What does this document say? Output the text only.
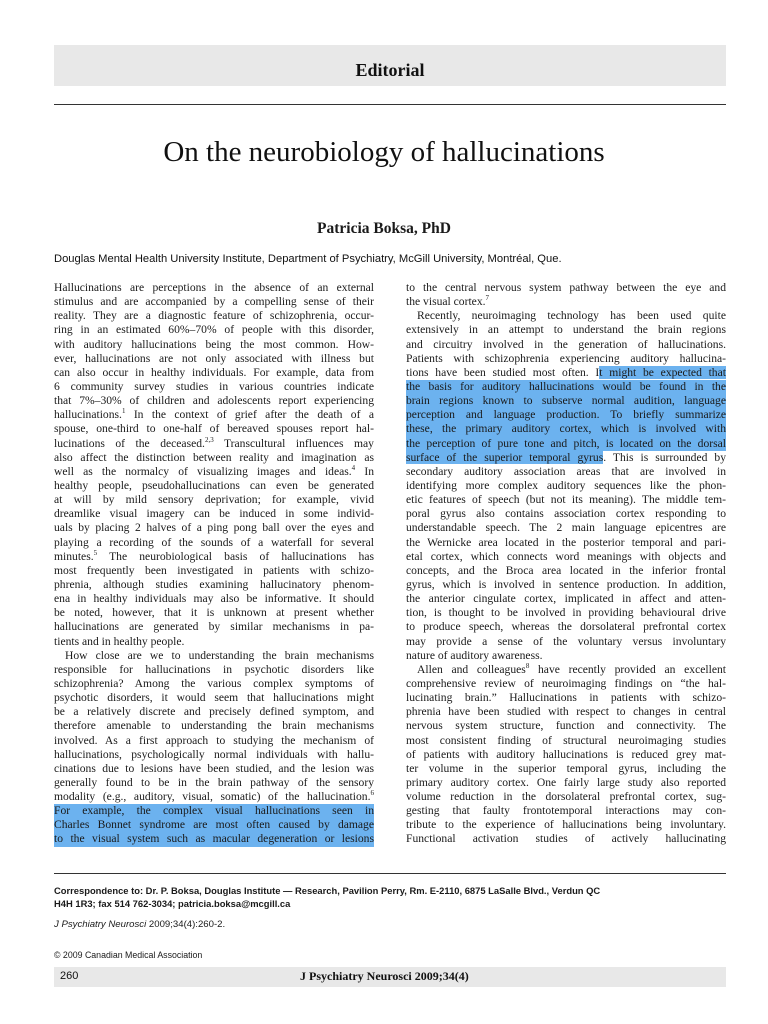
Editorial
On the neurobiology of hallucinations
Patricia Boksa, PhD
Douglas Mental Health University Institute, Department of Psychiatry, McGill University, Montréal, Que.
Hallucinations are perceptions in the absence of an external
stimulus and are accompanied by a compelling sense of their
reality. They are a diagnostic feature of schizophrenia, occur-
ring in an estimated 60%–70% of people with this disorder,
with auditory hallucinations being the most common. How-
ever, hallucinations are not only associated with illness but
can also occur in healthy individuals. For example, data from
6 community survey studies in various countries indicate
that 7%–30% of children and adolescents report experiencing
hallucinations.$^1$ In the context of grief after the death of a
spouse, one-third to one-half of bereaved spouses report hal-
lucinations of the deceased.$^{2,3}$ Transcultural influences may
also affect the distinction between reality and imagination as
well as the normalcy of visualizing images and ideas.$^4$ In
healthy people, pseudohallucinations can even be generated
at will by mild sensory deprivation; for example, vivid
dreamlike visual imagery can be induced in some individ-
uals by placing 2 halves of a ping pong ball over the eyes and
playing a recording of the sounds of a waterfall for several
minutes.$^5$ The neurobiological basis of hallucinations has
most frequently been investigated in patients with schizo-
phrenia, although studies examining hallucinatory phenom-
ena in healthy individuals may also be informative. It should
be noted, however, that it is unknown at present whether
hallucinations are generated by similar mechanisms in pa-
tients and in healthy people.
How close are we to understanding the brain mechanisms
responsible for hallucinations in psychotic disorders like
schizophrenia? Among the various complex symptoms of
psychotic disorders, it would seem that hallucinations might
be a relatively discrete and precisely defined symptom, and
therefore amenable to understanding the brain mechanisms
involved. As a first approach to studying the mechanism of
hallucinations, psychologically normal individuals with hallu-
cinations due to lesions have been studied, and the lesion was
generally found to be in the brain pathway of the sensory
modality (e.g., auditory, visual, somatic) of the hallucination.$^6$
For example, the complex visual hallucinations seen in
Charles Bonnet syndrome are most often caused by damage
to the visual system such as macular degeneration or lesions
to the central nervous system pathway between the eye and
the visual cortex.$^7$
Recently, neuroimaging technology has been used quite
extensively in an attempt to understand the brain regions
and circuitry involved in the generation of hallucinations.
Patients with schizophrenia experiencing auditory hallucina-
tions have been studied most often. It might be expected that
the basis for auditory hallucinations would be found in the
brain regions known to subserve normal audition, language
perception and language production. To briefly summarize
these, the primary auditory cortex, which is involved with
the perception of pure tone and pitch, is located on the dorsal
surface of the superior temporal gyrus. This is surrounded by
secondary auditory association areas that are involved in
identifying more complex auditory sequences like the phon-
etic features of speech (but not its meaning). The middle tem-
poral gyrus also contains association cortex responding to
understandable speech. The 2 main language epicentres are
the Wernicke area located in the posterior temporal and pari-
etal cortex, which connects word meanings with objects and
concepts, and the Broca area located in the inferior frontal
gyrus, which is involved in sentence production. In addition,
the anterior cingulate cortex, implicated in affect and atten-
tion, is thought to be involved in providing behavioural drive
to produce speech, whereas the dorsolateral prefrontal cortex
may provide a sense of the voluntary versus involuntary
nature of auditory awareness.
Allen and colleagues$^8$ have recently provided an excellent
comprehensive review of neuroimaging findings on “the hal-
lucinating brain.” Hallucinations in patients with schizo-
phrenia have been studied with respect to changes in central
nervous system structure, function and connectivity. The
most consistent finding of structural neuroimaging studies
of patients with auditory hallucinations is reduced grey mat-
ter volume in the superior temporal gyrus, including the
primary auditory cortex. One fairly large study also reported
volume reduction in the dorsolateral prefrontal cortex, sug-
gesting that faulty frontotemporal interactions may con-
tribute to the experience of hallucinations being involuntary.
Functional activation studies of actively hallucinating
Correspondence to: Dr. P. Boksa, Douglas Institute — Research, Pavilion Perry, Rm. E-2110, 6875 LaSalle Blvd., Verdun QC
H4H 1R3; fax 514 762-3034; patricia.boksa@mcgill.ca
J Psychiatry Neurosci 2009;34(4):260-2.
© 2009 Canadian Medical Association
260	J Psychiatry Neurosci 2009;34(4)
